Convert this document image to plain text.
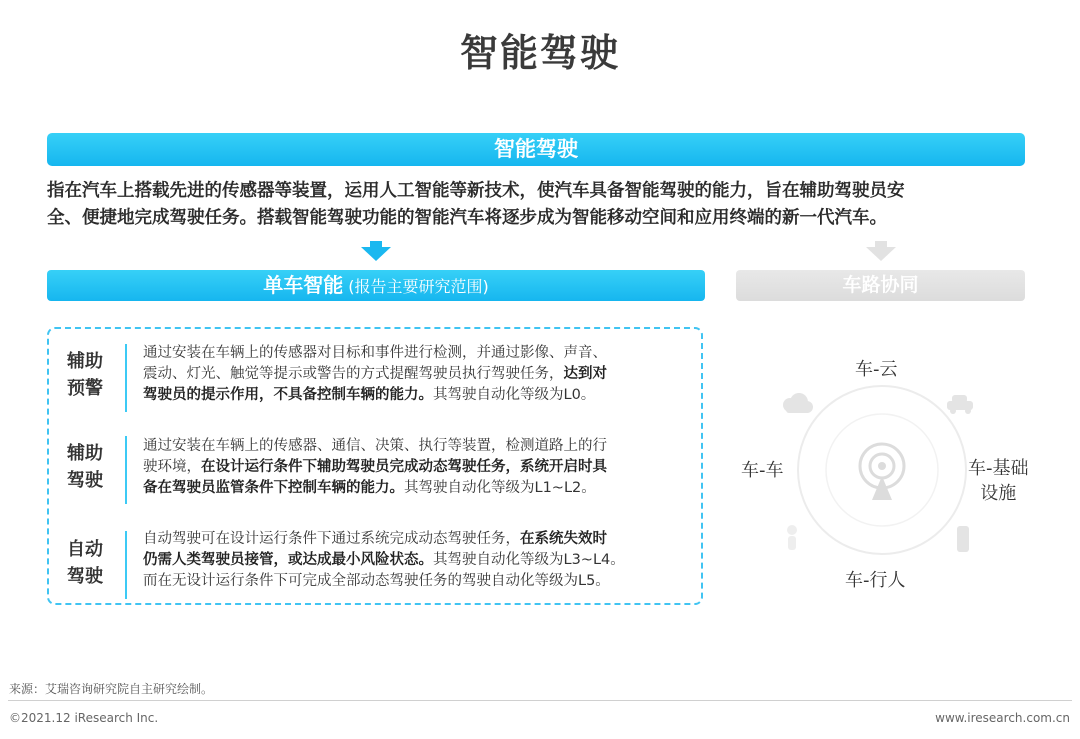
智能驾驶
智能驾驶
指在汽车上搭载先进的传感器等装置，运用人工智能等新技术，使汽车具备智能驾驶的能力，旨在辅助驾驶员安
全、便捷地完成驾驶任务。搭载智能驾驶功能的智能汽车将逐步成为智能移动空间和应用终端的新一代汽车。
单车智能 (报告主要研究范围)	车路协同
辅助
预警
通过安装在车辆上的传感器对目标和事件进行检测，并通过影像、声音、
震动、灯光、触觉等提示或警告的方式提醒驾驶员执行驾驶任务，达到对
驾驶员的提示作用，不具备控制车辆的能力。其驾驶自动化等级为L0。
辅助
驾驶
通过安装在车辆上的传感器、通信、决策、执行等装置，检测道路上的行
驶环境，在设计运行条件下辅助驾驶员完成动态驾驶任务，系统开启时具
备在驾驶员监管条件下控制车辆的能力。其驾驶自动化等级为L1~L2。
自动
驾驶
自动驾驶可在设计运行条件下通过系统完成动态驾驶任务，在系统失效时
仍需人类驾驶员接管，或达成最小风险状态。其驾驶自动化等级为L3~L4。
而在无设计运行条件下可完成全部动态驾驶任务的驾驶自动化等级为L5。
车-云
车-车	车-基础
设施
车-行人
来源：艾瑞咨询研究院自主研究绘制。
©2021.12 iResearch Inc.	www.iresearch.com.cn
